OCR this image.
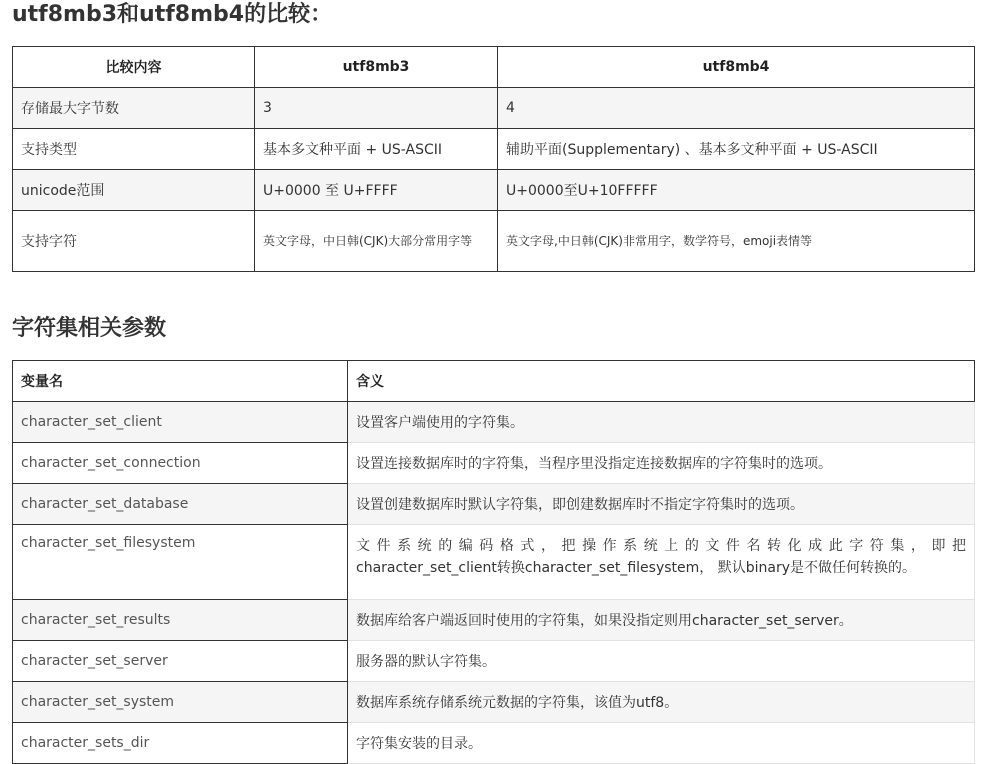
utf8mb3和utf8mb4的比较：
比较内容	utf8mb3	utf8mb4
存储最大字节数	3	4
支持类型	基本多文种平面 + US-ASCII	辅助平面(Supplementary) 、基本多文种平面 + US-ASCII
unicode范围	U+0000 至 U+FFFF	U+0000至U+10FFFFF
支持字符	英文字母，中日韩(CJK)大部分常用字等	英文字母,中日韩(CJK)非常用字，数学符号，emoji表情等
字符集相关参数
变量名	含义
character_set_client	设置客户端使用的字符集。
character_set_connection	设置连接数据库时的字符集，当程序里没指定连接数据库的字符集时的选项。
character_set_database	设置创建数据库时默认字符集，即创建数据库时不指定字符集时的选项。
character_set_filesystem	文件系统的编码格式，把操作系统上的文件名转化成此字符集，即把
character_set_client转换character_set_filesystem， 默认binary是不做任何转换的。

character_set_results	数据库给客户端返回时使用的字符集，如果没指定则用character_set_server。
character_set_server	服务器的默认字符集。
character_set_system	数据库系统存储系统元数据的字符集，该值为utf8。
character_sets_dir	字符集安装的目录。
